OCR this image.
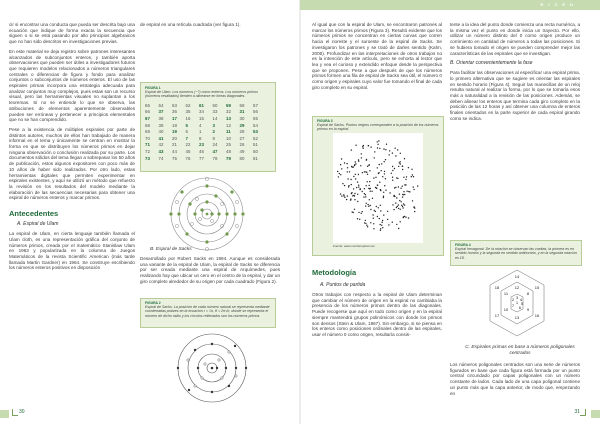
cir si encontrar una conducta que pueda ser descrita bajo una ecuación que indique de forma exacta la secuencia que siguen o si se está pasando por alto principios algebraicos que no han sido descritos en investigaciones previas.

En este material se deja registro sobre patrones interesantes alcanzados de subconjuntos enteros, y también aporta observaciones que pueden ser útiles a investigadores futuros que requieren modelos relacionados a números triangulares centrales o diferencias de figura y fondo para analizar conjuntos o subconjuntos de números enteros. El uso de las espirales primas incorpora una estrategia adecuada para analizar conjuntos muy complejos, pues estas son un recurso visual, pero las herramientas visuales no suplantan a los teoremas. Si no se entiende lo que se observa, las atribuciones de elementos aparentemente observables pueden ser erróneas y pertenecer a principios elementales que no se han comprendido.

Pese a la existencia de múltiples espirales por parte de distintos autores, muchos de ellos han trabajado de manera informal en el tema y únicamente se centran en mostrar la forma en que se distribuyen los números primos en dejar ninguna observación o conclusión realizada por su parte. Los documentos sólidos del tema llegan a sobrepasar los 50 años de publicación, estos algunos expositores con poco más de 10 años de haber sido realizados. Por otro lado, estas herramientas digitales que permiten experimentar en espirales existentes, y aquí se utilizó un método que refuerzo la revisión en los resultados del modelo mediante la elaboración de las secuencias necesarias para obtener una espiral de números enteros y marcar primos.

Antecedentes
A. Espiral de Ulam

La espiral de Ulam, en cierta lenguaje también llamada el Ulam cloth, es una representación gráfica del conjunto de números primos, creada por el matemático Stanislaw Ulam en 1963 y popularizada en la columna de Juegos Matemáticos de la revista Scientific American (más tarde llamada Martin Gardner) en 1964. Se construye escribiendo los números enteros positivos en disposición

de espiral en una retícula cuadrada (ver figura 1).

FIGURA 1
Espiral de Ulam. Los números (~?) como enteros. Los números primos (números resaltados) tienden a alinearse en líneas diagonales.
65	64	63	62	61	60	59	58	57
66	37	36	35	34	33	32	31	56
67	38	17	16	15	14	13	30	55
68	39	18	5	4	3	12	29	54
69	40	19	6	1	2	11	28	53
70	41	20	7	8	9	10	27	52
71	42	21	22	23	24	25	26	51
72	43	44	45	46	47	48	49	50
73	74	75	76	77	78	79	80	81
B. Espiral de Sacks

Desarrollado por Robert Sacks en 1994. Aunque es considerada una variante de la espiral de Ulam, la espiral de Sacks se diferencia por ser creada mediante una espiral de Arquímedes, pues realizando hay que ubicar un cero en el centro de la espiral, y dar un giro completo alrededor de su origen por cada cuadrado (Figura 2).

FIGURA 2
Espiral de Sacks. La posición de cada número natural se representa mediante coordenadas polares en la ecuación r = √n, θ = 2π√n, donde se representa el número de dicho radio y los círculos rellenados son los números primos.
30
RICED

Al igual que con la espiral de Ulam, se encontraron patrones al marcar los números primos (Figura 3). Resultó evidente que los números primos se concentran en ciertas curvas que corren hacia el noreste y el suroeste de la espiral de Sacks. Se investigaron los patrones y se trató de darles sentido (Kahn, 2006). Profundizar en las interpretaciones de otros trabajos no es la intención de este artículo, pero se exhorta al lector que lea y vea el curioso y extendido enfoque desde la perspectiva que se proponen. Pese a que después de que los números primos formen una fila de espiral de Sacks sea útil, el número 0 como origen y espirales cuyo valor fue tomando el final de cada giro completo en su espiral.

FIGURA 3
Espiral de Sacks. Puntos negros corresponden a la posición de los números primos en la espiral.
Fuente: www.numberspiral.com
Metodología
A. Puntos de partida

Otros trabajos con respecto a la espiral de Ulam determinan que cambiar el número de origen en la espiral no cambiaba la presencia de los números primos dentro de las diagonales. Puede recogerse que aquí en todo como origen y en la espiral siempre mantendrá grupos polinómicos con donde los primos son densos (Stein & Ulam, 1967). Sin embargo, si se piensa en los enteros como posiciones ordinales dentro de las espirales, usar el número 0 como origen, resultaría consis-

tente a la idea del punto donde comienza una recta numérica, a la misma vez el punto en donde inicia un trayecto. Por ello, utilizar un número distinto del 0 como origen produce un corrimiento en cantidad de números a todas las posiciones. Si se hubiera tomado el origen se pueden comprender mejor las características de las espirales que se investigan.

B. Orientar convenientemente la fase

Para facilitar las observaciones al especificar una espiral prima, lo primero alternativa que se sugiere es orientar las espirales en sentido horario (Figura 4). Seguir las manecillas de un reloj resulta natural al realizar la forma, por lo que se tomaría esos más a naturalidad a la revisión de las posiciones. Además, se deben alinear los enteros que termina cada giro completo en la posición de las 12 horas y así obtener una columna de enteros finales orientados en la parte superior de cada espiral girando como se indica.

FIGURA 4
Espiral hexagonal. De la rotación se observan las vueltas, la primera es en sentido horario y la segunda en sentido antihorario, y en la segunda rotación es 18.
3 4
5
2
6
1
7
12
8
11
9
10
13
14
15
16
17
18
C. Espirales primas en base a números poligonales centrados

Los números poligonales centrados son una serie de números figurados en base que cada figura está formada por un punto central circundado por capas poligonales con un número constante de lados. Cada lado de una capa poligonal contiene un punto más que la capa anterior, de modo que, empezando en

31
